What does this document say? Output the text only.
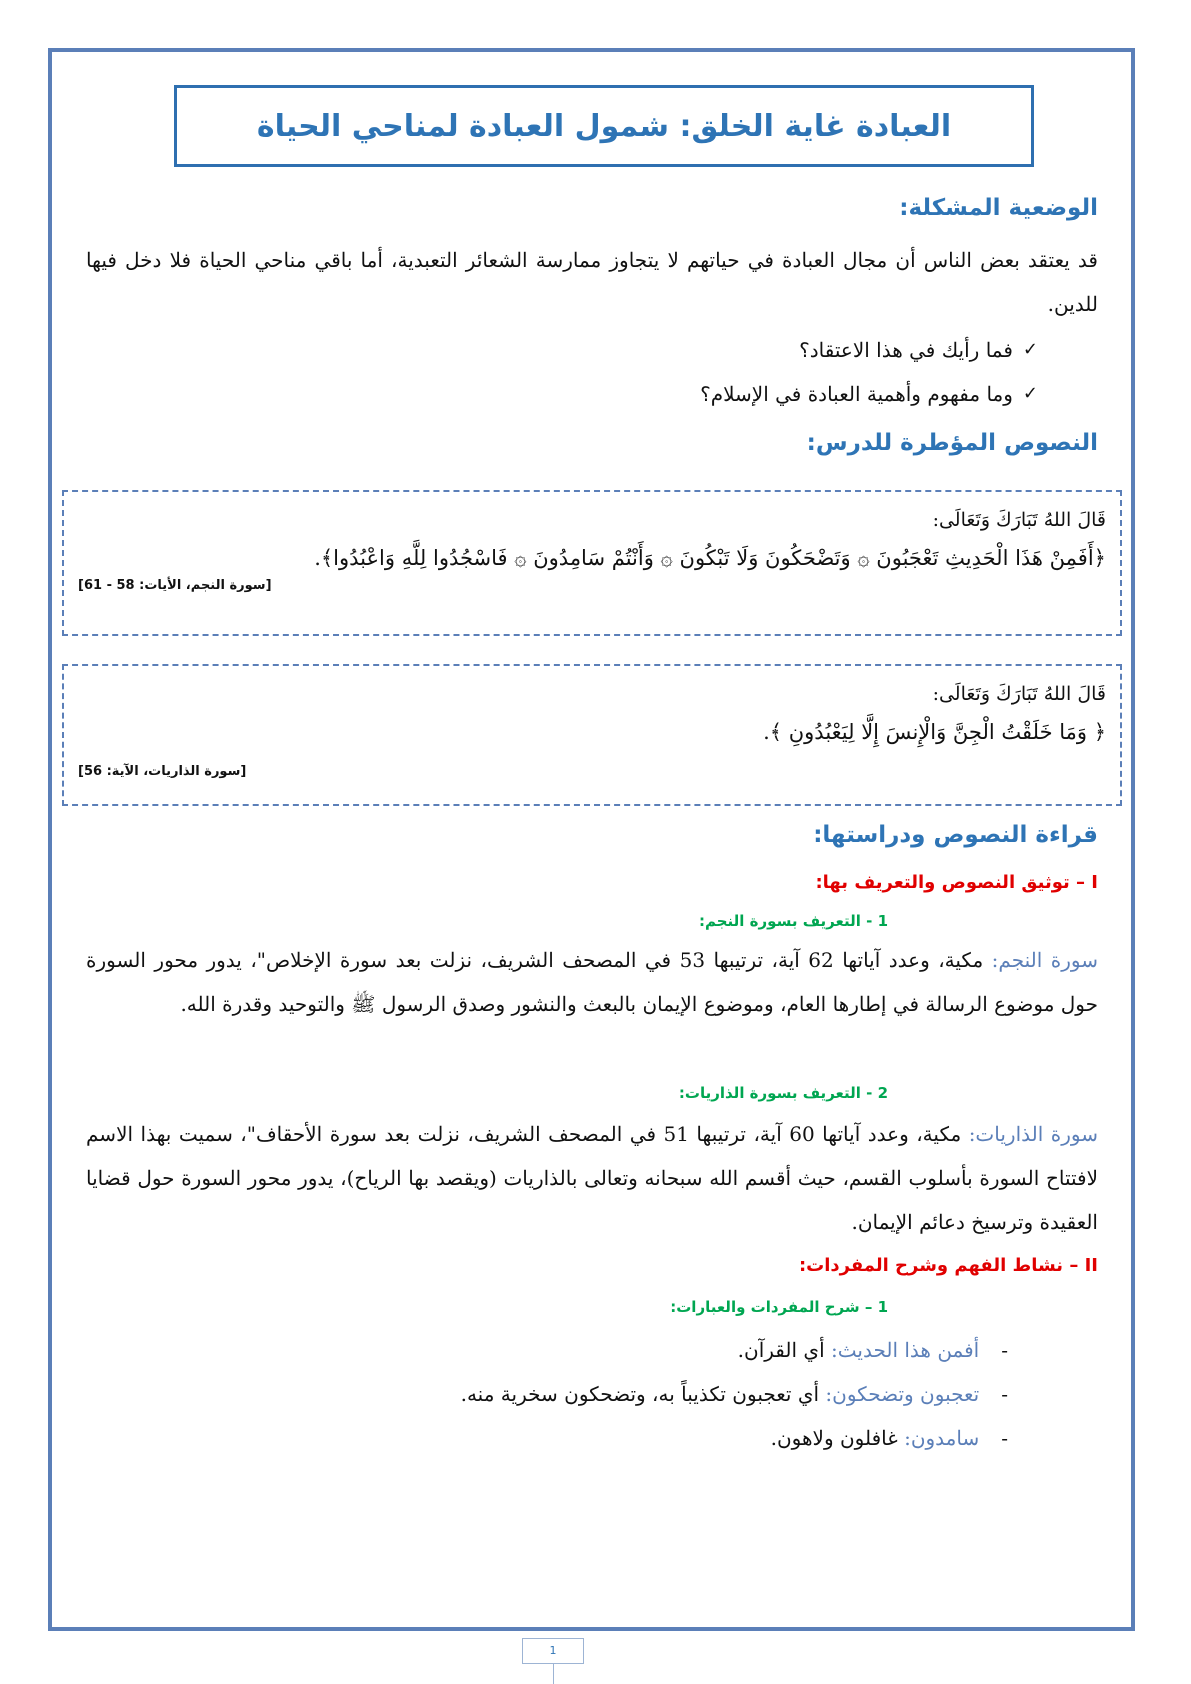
العبادة غاية الخلق: شمول العبادة لمناحي الحياة
الوضعية المشكلة:
قد يعتقد بعض الناس أن مجال العبادة في حياتهم لا يتجاوز ممارسة الشعائر التعبدية، أما باقي مناحي الحياة فلا دخل فيها للدين.
✓
فما رأيك في هذا الاعتقاد؟
✓
وما مفهوم وأهمية العبادة في الإسلام؟
النصوص المؤطرة للدرس:
قَالَ اللهُ تَبَارَكَ وَتَعَالَى:
﴿أَفَمِنْ هَذَا الْحَدِيثِ تَعْجَبُونَ ۞ وَتَضْحَكُونَ وَلَا تَبْكُونَ ۞ وَأَنْتُمْ سَامِدُونَ ۞ فَاسْجُدُوا لِلَّهِ وَاعْبُدُوا﴾.
[سورة النجم، الأيات: 58 - 61]
قَالَ اللهُ تَبَارَكَ وَتَعَالَى:
﴿ وَمَا خَلَقْتُ الْجِنَّ وَالْإِنسَ إِلَّا لِيَعْبُدُونِ ﴾.
[سورة الذاريات، الآية: 56]
قراءة النصوص ودراستها:
I – توثيق النصوص والتعريف بها:
1 - التعريف بسورة النجم:
سورة النجم: مكية، وعدد آياتها 62 آية، ترتيبها 53 في المصحف الشريف، نزلت بعد سورة الإخلاص"، يدور محور السورة حول موضوع الرسالة في إطارها العام، وموضوع الإيمان بالبعث والنشور وصدق الرسول ﷺ والتوحيد وقدرة الله.
2 - التعريف بسورة الذاريات:
سورة الذاريات: مكية، وعدد آياتها 60 آية، ترتيبها 51 في المصحف الشريف، نزلت بعد سورة الأحقاف"، سميت بهذا الاسم لافتتاح السورة بأسلوب القسم، حيث أقسم الله سبحانه وتعالى بالذاريات (ويقصد بها الرياح)، يدور محور السورة حول قضايا العقيدة وترسيخ دعائم الإيمان.
II – نشاط الفهم وشرح المفردات:
1 – شرح المفردات والعبارات:
-
أفمن هذا الحديث: أي القرآن.
-
تعجبون وتضحكون: أي تعجبون تكذيباً به، وتضحكون سخرية منه.
-
سامدون: غافلون ولاهون.
1
